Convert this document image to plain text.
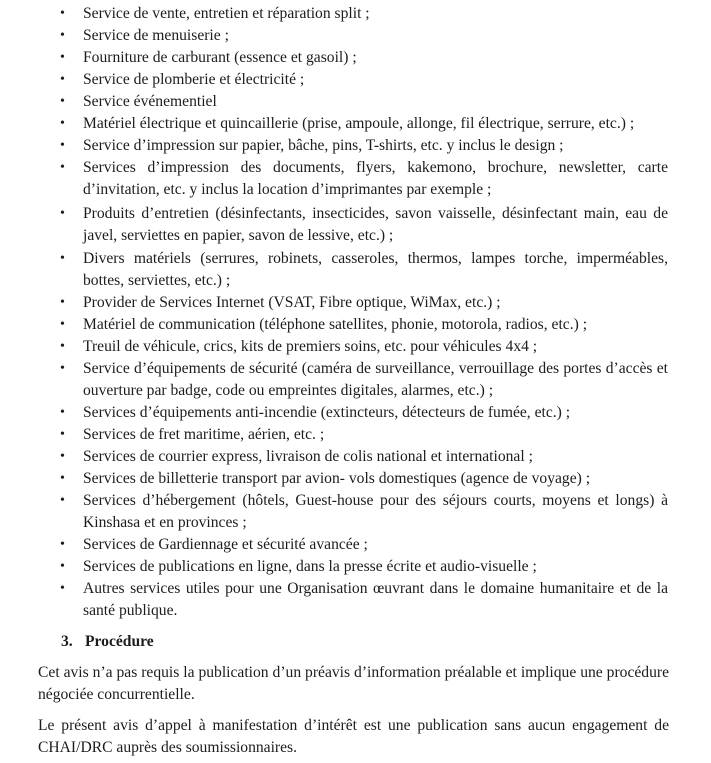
• Service de vente, entretien et réparation split ;
• Service de menuiserie ;
• Fourniture de carburant (essence et gasoil) ;
• Service de plomberie et électricité ;
• Service événementiel
• Matériel électrique et quincaillerie (prise, ampoule, allonge, fil électrique, serrure, etc.) ;
• Service d’impression sur papier, bâche, pins, T-shirts, etc. y inclus le design ;
• Services d’impression des documents, flyers, kakemono, brochure, newsletter, carte d’invitation, etc. y inclus la location d’imprimantes par exemple ;
• Produits d’entretien (désinfectants, insecticides, savon vaisselle, désinfectant main, eau de javel, serviettes en papier, savon de lessive, etc.) ;
• Divers matériels (serrures, robinets, casseroles, thermos, lampes torche, imperméables, bottes, serviettes, etc.) ;
• Provider de Services Internet (VSAT, Fibre optique, WiMax, etc.) ;
• Matériel de communication (téléphone satellites, phonie, motorola, radios, etc.) ;
• Treuil de véhicule, crics, kits de premiers soins, etc. pour véhicules 4x4 ;
• Service d’équipements de sécurité (caméra de surveillance, verrouillage des portes d’accès et ouverture par badge, code ou empreintes digitales, alarmes, etc.) ;
• Services d’équipements anti-incendie (extincteurs, détecteurs de fumée, etc.) ;
• Services de fret maritime, aérien, etc. ;
• Services de courrier express, livraison de colis national et international ;
• Services de billetterie transport par avion- vols domestiques (agence de voyage) ;
• Services d’hébergement (hôtels, Guest-house pour des séjours courts, moyens et longs) à Kinshasa et en provinces ;
• Services de Gardiennage et sécurité avancée ;
• Services de publications en ligne, dans la presse écrite et audio-visuelle ;
• Autres services utiles pour une Organisation œuvrant dans le domaine humanitaire et de la santé publique.
3. Procédure
Cet avis n’a pas requis la publication d’un préavis d’information préalable et implique une procédure négociée concurrentielle.
Le présent avis d’appel à manifestation d’intérêt est une publication sans aucun engagement de CHAI/DRC auprès des soumissionnaires.
